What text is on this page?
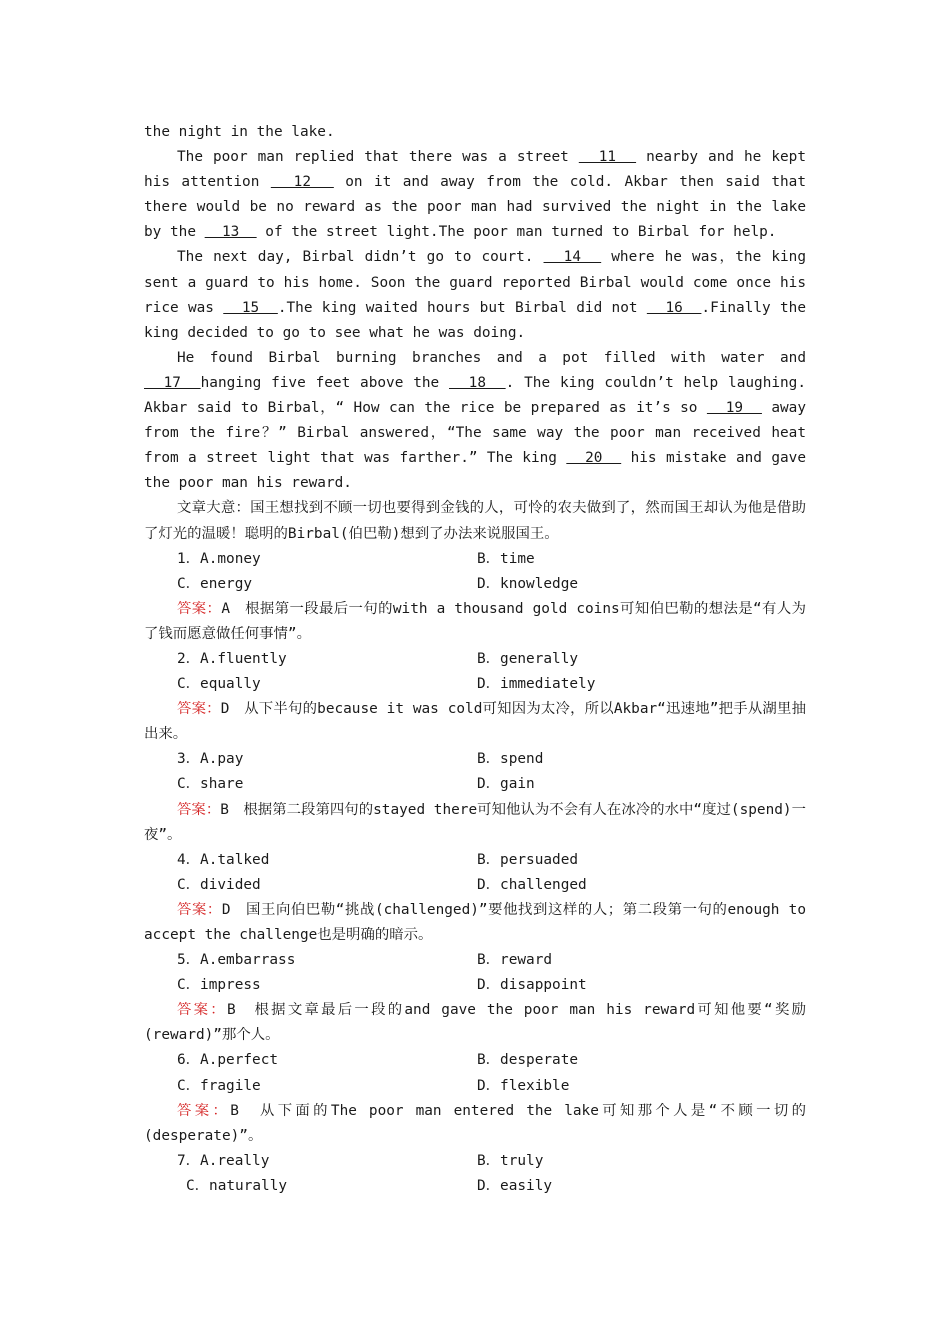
the night in the lake.

The poor man replied that there was a street   11   nearby and he kept his attention   12   on it and away from the cold. Akbar then said that there would be no reward as the poor man had survived the night in the lake by the   13   of the street light.The poor man turned to Birbal for help.

The next day, Birbal didn’t go to court.   14   where he was，the king sent a guard to his home. Soon the guard reported Birbal would come once his rice was   15  .The king waited hours but Birbal did not   16  .Finally the king decided to go to see what he was doing.

He found Birbal burning branches and a pot filled with water and  17  hanging five feet above the   18  . The king couldn’t help laughing. Akbar said to Birbal，“ How can the rice be prepared as it’s so   19   away from the fire？” Birbal answered，“The same way the poor man received heat from a street light that was farther.” The king   20   his mistake and gave the poor man his reward.

文章大意：国王想找到不顾一切也要得到金钱的人，可怜的农夫做到了，然而国王却认为他是借助了灯光的温暖！聪明的Birbal(伯巴勒)想到了办法来说服国王。

1．A.money	B．time
C．energy	D．knowledge

答案：A　根据第一段最后一句的with a thousand gold coins可知伯巴勒的想法是“有人为了钱而愿意做任何事情”。

2．A.fluently	B．generally
C．equally	D．immediately

答案：D　从下半句的because it was cold可知因为太冷，所以Akbar“迅速地”把手从湖里抽出来。

3．A.pay	B．spend
C．share	D．gain

答案：B　根据第二段第四句的stayed there可知他认为不会有人在冰冷的水中“度过(spend)一夜”。

4．A.talked	B．persuaded
C．divided	D．challenged

答案：D　国王向伯巴勒“挑战(challenged)”要他找到这样的人；第二段第一句的enough to accept the challenge也是明确的暗示。

5．A.embarrass	B．reward
C．impress	D．disappoint

答案：B　根据文章最后一段的and gave the poor man his reward可知他要“奖励(reward)”那个人。

6．A.perfect	B．desperate
C．fragile	D．flexible

答案：B　从下面的The poor man entered the lake可知那个人是“不顾一切的(desperate)”。

7．A.really	B．truly
C．naturally	D．easily
